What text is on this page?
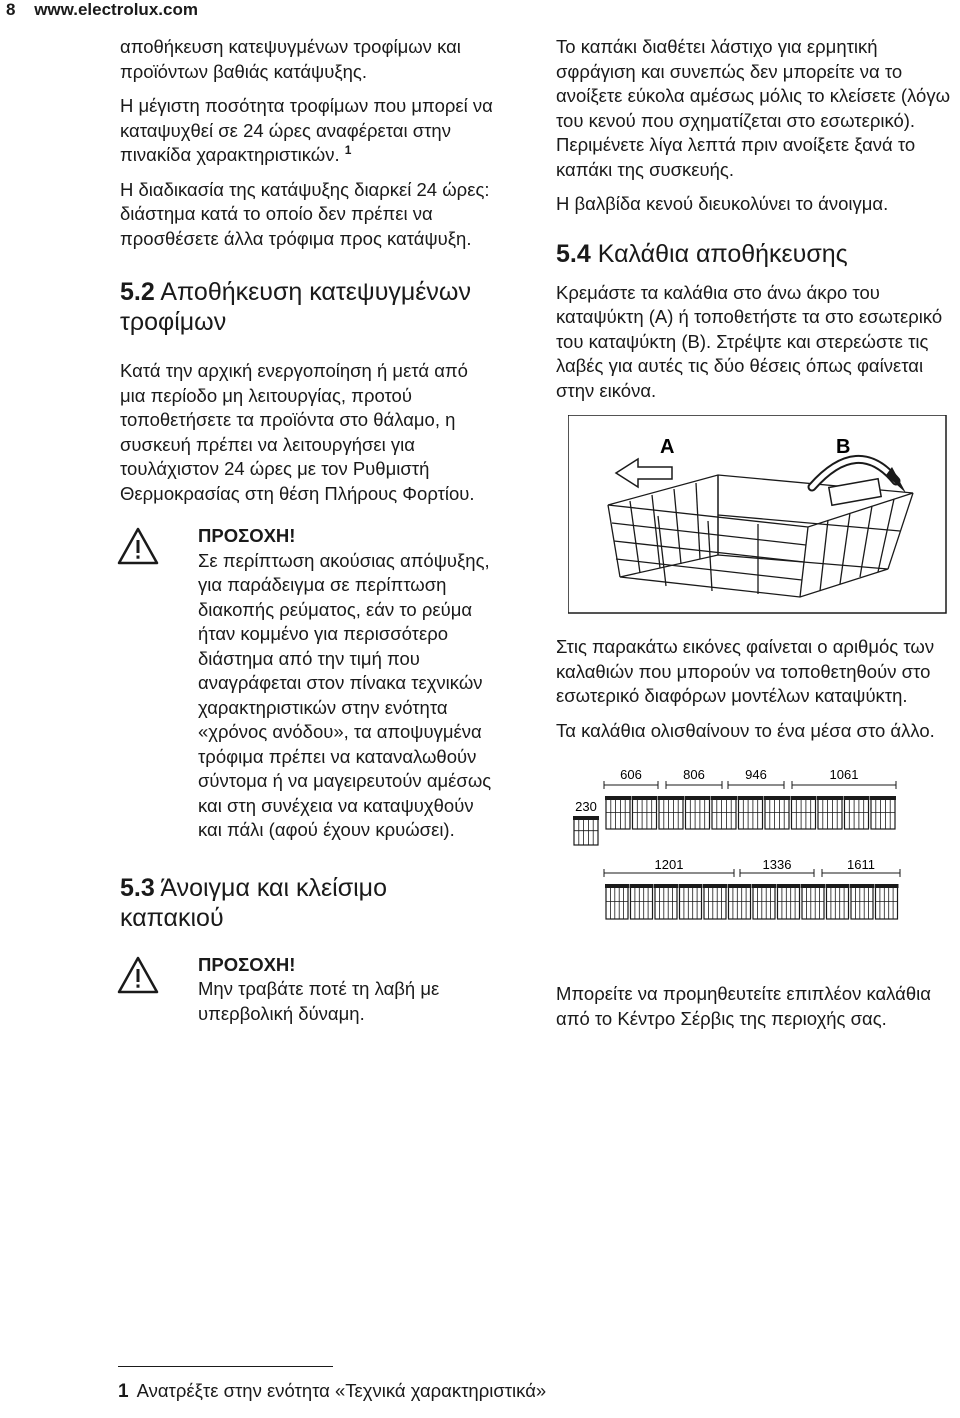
8 www.electrolux.com

αποθήκευση κατεψυγμένων τροφίμων και προϊόντων βαθιάς κατάψυξης.

Η μέγιστη ποσότητα τροφίμων που μπορεί να καταψυχθεί σε 24 ώρες αναφέρεται στην πινακίδα χαρακτηριστικών. $^1$

Η διαδικασία της κατάψυξης διαρκεί 24 ώρες: διάστημα κατά το οποίο δεν πρέπει να προσθέσετε άλλα τρόφιμα προς κατάψυξη.

5.2 Αποθήκευση κατεψυγμένων τροφίμων

Κατά την αρχική ενεργοποίηση ή μετά από μια περίοδο μη λειτουργίας, προτού τοποθετήσετε τα προϊόντα στο θάλαμο, η συσκευή πρέπει να λειτουργήσει για τουλάχιστον 24 ώρες με τον Ρυθμιστή Θερμοκρασίας στη θέση Πλήρους Φορτίου.

ΠΡΟΣΟΧΗ!

Σε περίπτωση ακούσιας απόψυξης, για παράδειγμα σε περίπτωση διακοπής ρεύματος, εάν το ρεύμα ήταν κομμένο για περισσότερο διάστημα από την τιμή που αναγράφεται στον πίνακα τεχνικών χαρακτηριστικών στην ενότητα «χρόνος ανόδου», τα αποψυγμένα τρόφιμα πρέπει να καταναλωθούν σύντομα ή να μαγειρευτούν αμέσως και στη συνέχεια να καταψυχθούν και πάλι (αφού έχουν κρυώσει).

5.3 Άνοιγμα και κλείσιμο καπακιού
ΠΡΟΣΟΧΗ!

Μην τραβάτε ποτέ τη λαβή με υπερβολική δύναμη.

Το καπάκι διαθέτει λάστιχο για ερμητική σφράγιση και συνεπώς δεν μπορείτε να το ανοίξετε εύκολα αμέσως μόλις το κλείσετε (λόγω του κενού που σχηματίζεται στο εσωτερικό). Περιμένετε λίγα λεπτά πριν ανοίξετε ξανά το καπάκι της συσκευής.

Η βαλβίδα κενού διευκολύνει το άνοιγμα.

5.4 Καλάθια αποθήκευσης

Κρεμάστε τα καλάθια στο άνω άκρο του καταψύκτη (A) ή τοποθετήστε τα στο εσωτερικό του καταψύκτη (B). Στρέψτε και στερεώστε τις λαβές για αυτές τις δύο θέσεις όπως φαίνεται στην εικόνα.

A	B

Στις παρακάτω εικόνες φαίνεται ο αριθμός των καλαθιών που μπορούν να τοποθετηθούν στο εσωτερικό διαφόρων μοντέλων καταψύκτη.

Τα καλάθια ολισθαίνουν το ένα μέσα στο άλλο.

230
606	806	946	1061
1201	1336	1611

Μπορείτε να προμηθευτείτε επιπλέον καλάθια από το Κέντρο Σέρβις της περιοχής σας.

1 Ανατρέξτε στην ενότητα «Τεχνικά χαρακτηριστικά»
